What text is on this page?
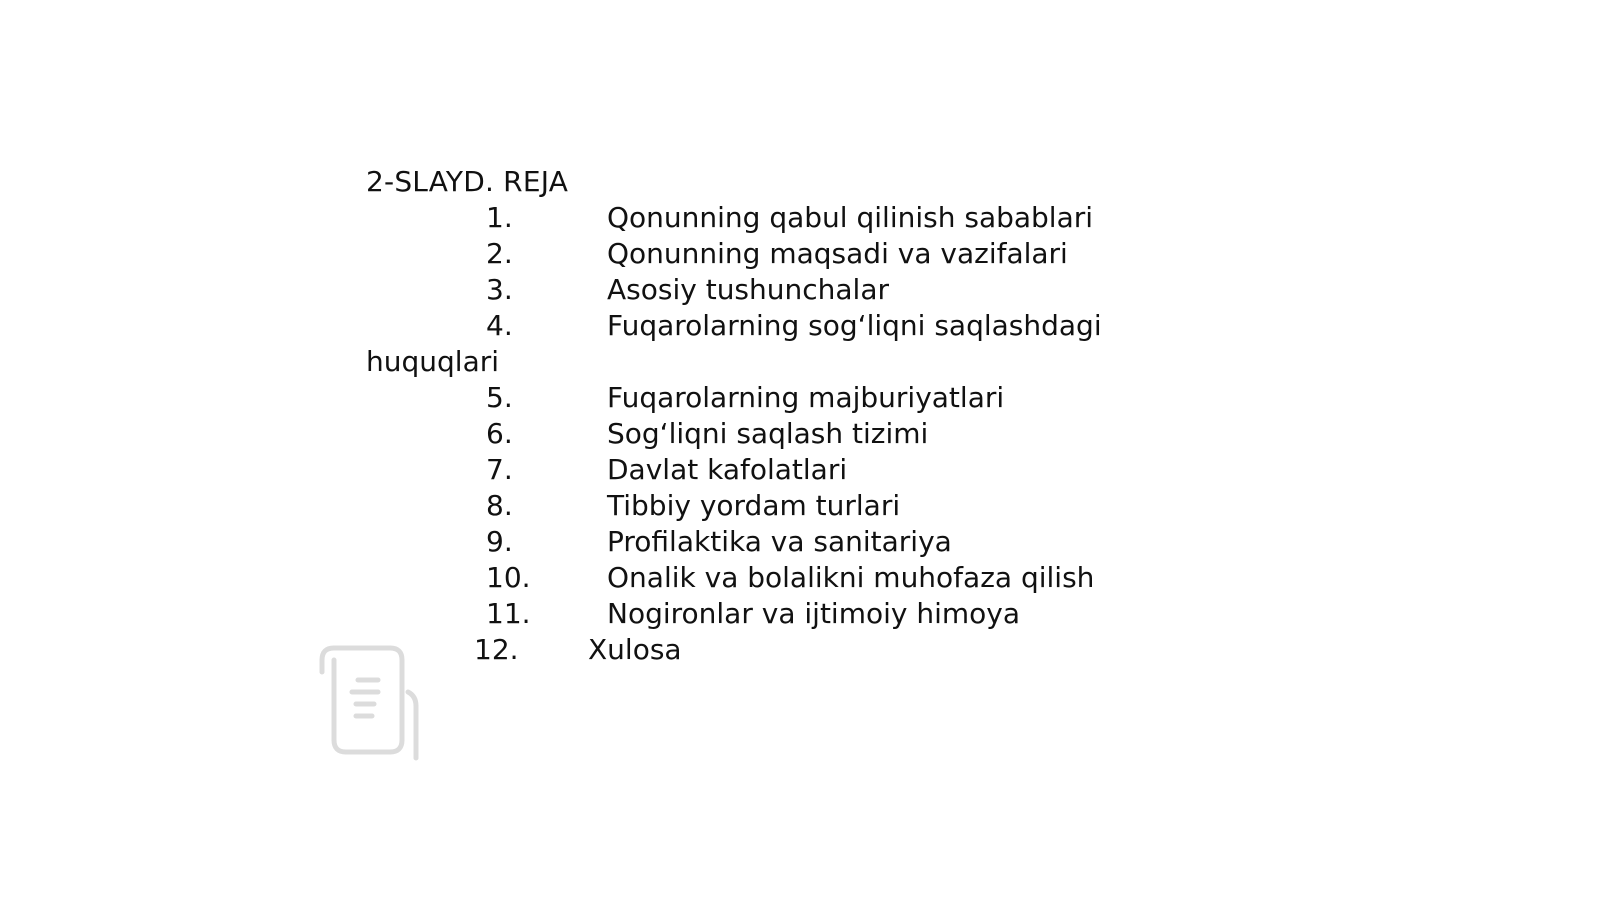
2-SLAYD. REJA
1.	Qonunning qabul qilinish sabablari
2.	Qonunning maqsadi va vazifalari
3.	Asosiy tushunchalar
4.	Fuqarolarning sog‘liqni saqlashdagi
huquqlari
5.	Fuqarolarning majburiyatlari
6.	Sog‘liqni saqlash tizimi
7.	Davlat kafolatlari
8.	Tibbiy yordam turlari
9.	Profilaktika va sanitariya
10.	Onalik va bolalikni muhofaza qilish
11.	Nogironlar va ijtimoiy himoya
12. Xulosa
